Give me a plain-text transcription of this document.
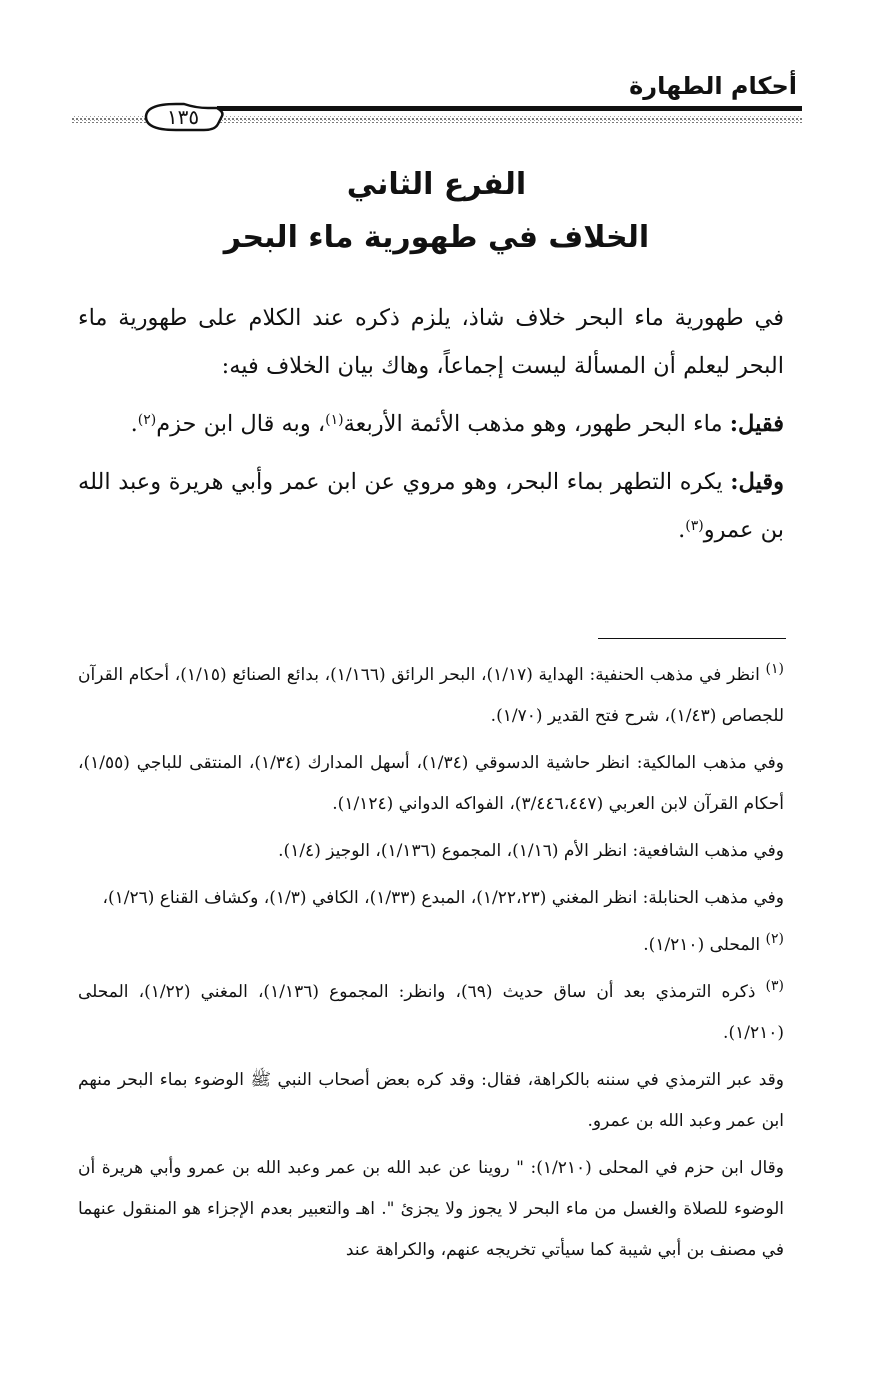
أحكام الطهارة
١٣٥
الفرع الثاني
الخلاف في طهورية ماء البحر

في طهورية ماء البحر خلاف شاذ، يلزم ذكره عند الكلام على طهورية ماء البحر ليعلم أن المسألة ليست إجماعاً، وهاك بيان الخلاف فيه:

فقيل: ماء البحر طهور، وهو مذهب الأئمة الأربعة$^{(١)}$، وبه قال ابن حزم$^{(٢)}$.

وقيل: يكره التطهر بماء البحر، وهو مروي عن ابن عمر وأبي هريرة وعبد الله بن عمرو$^{(٣)}$.

$^{(١)}$ انظر في مذهب الحنفية: الهداية (١/١٧)، البحر الرائق (١/١٦٦)، بدائع الصنائع (١/١٥)، أحكام القرآن للجصاص (١/٤٣)، شرح فتح القدير (١/٧٠).

وفي مذهب المالكية: انظر حاشية الدسوقي (١/٣٤)، أسهل المدارك (١/٣٤)، المنتقى للباجي (١/٥٥)، أحكام القرآن لابن العربي (٣/٤٤٦،٤٤٧)، الفواكه الدواني (١/١٢٤).

وفي مذهب الشافعية: انظر الأم (١/١٦)، المجموع (١/١٣٦)، الوجيز (١/٤).

وفي مذهب الحنابلة: انظر المغني (١/٢٢،٢٣)، المبدع (١/٣٣)، الكافي (١/٣)، وكشاف القناع (١/٢٦)،

$^{(٢)}$ المحلى (١/٢١٠).

$^{(٣)}$ ذكره الترمذي بعد أن ساق حديث (٦٩)، وانظر: المجموع (١/١٣٦)، المغني (١/٢٢)، المحلى (١/٢١٠).

وقد عبر الترمذي في سننه بالكراهة، فقال: وقد كره بعض أصحاب النبي ﷺ الوضوء بماء البحر منهم ابن عمر وعبد الله بن عمرو.

وقال ابن حزم في المحلى (١/٢١٠): " روينا عن عبد الله بن عمر وعبد الله بن عمرو وأبي هريرة أن الوضوء للصلاة والغسل من ماء البحر لا يجوز ولا يجزئ ". اهـ والتعبير بعدم الإجزاء هو المنقول عنهما في مصنف بن أبي شيبة كما سيأتي تخريجه عنهم، والكراهة عند
